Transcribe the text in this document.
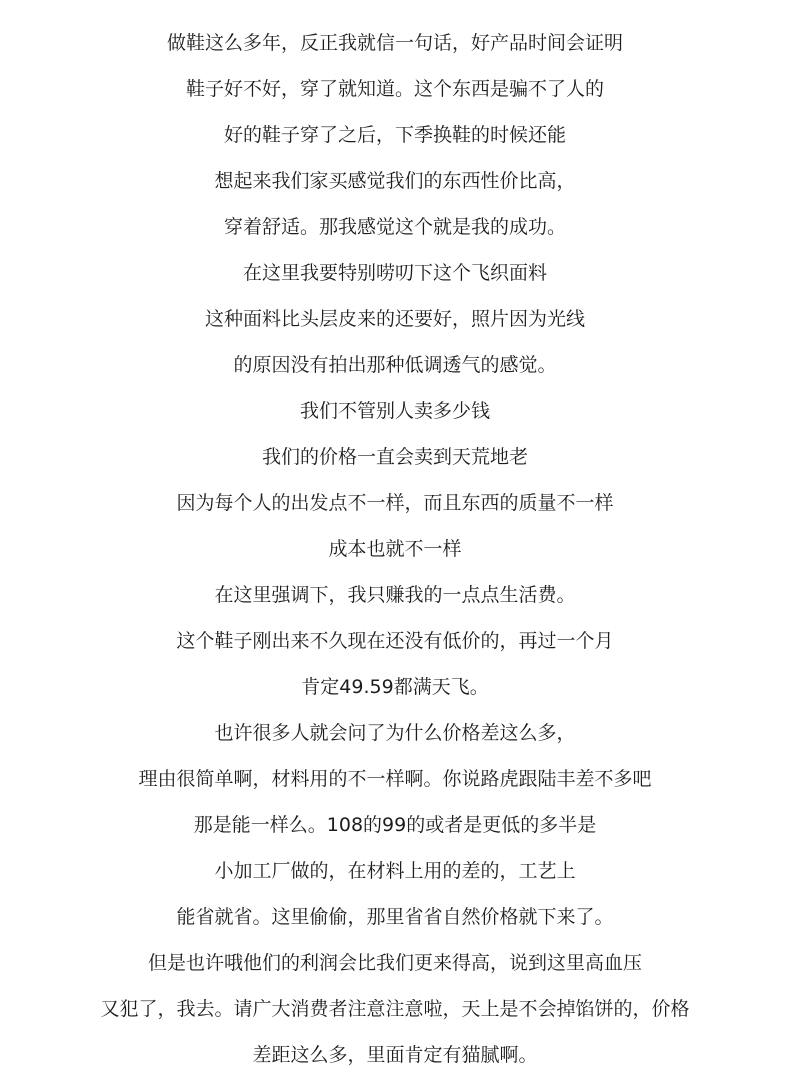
做鞋这么多年，反正我就信一句话，好产品时间会证明
鞋子好不好，穿了就知道。这个东西是骗不了人的
好的鞋子穿了之后，下季换鞋的时候还能
想起来我们家买感觉我们的东西性价比高，
穿着舒适。那我感觉这个就是我的成功。
在这里我要特别唠叨下这个飞织面料
这种面料比头层皮来的还要好，照片因为光线
的原因没有拍出那种低调透气的感觉。
我们不管别人卖多少钱
我们的价格一直会卖到天荒地老
因为每个人的出发点不一样，而且东西的质量不一样
成本也就不一样
在这里强调下，我只赚我的一点点生活费。
这个鞋子刚出来不久现在还没有低价的，再过一个月
肯定49.59都满天飞。
也许很多人就会问了为什么价格差这么多，
理由很简单啊，材料用的不一样啊。你说路虎跟陆丰差不多吧
那是能一样么。108的99的或者是更低的多半是
小加工厂做的，在材料上用的差的，工艺上
能省就省。这里偷偷，那里省省自然价格就下来了。
但是也许哦他们的利润会比我们更来得高，说到这里高血压
又犯了，我去。请广大消费者注意注意啦，天上是不会掉馅饼的，价格
差距这么多，里面肯定有猫腻啊。
